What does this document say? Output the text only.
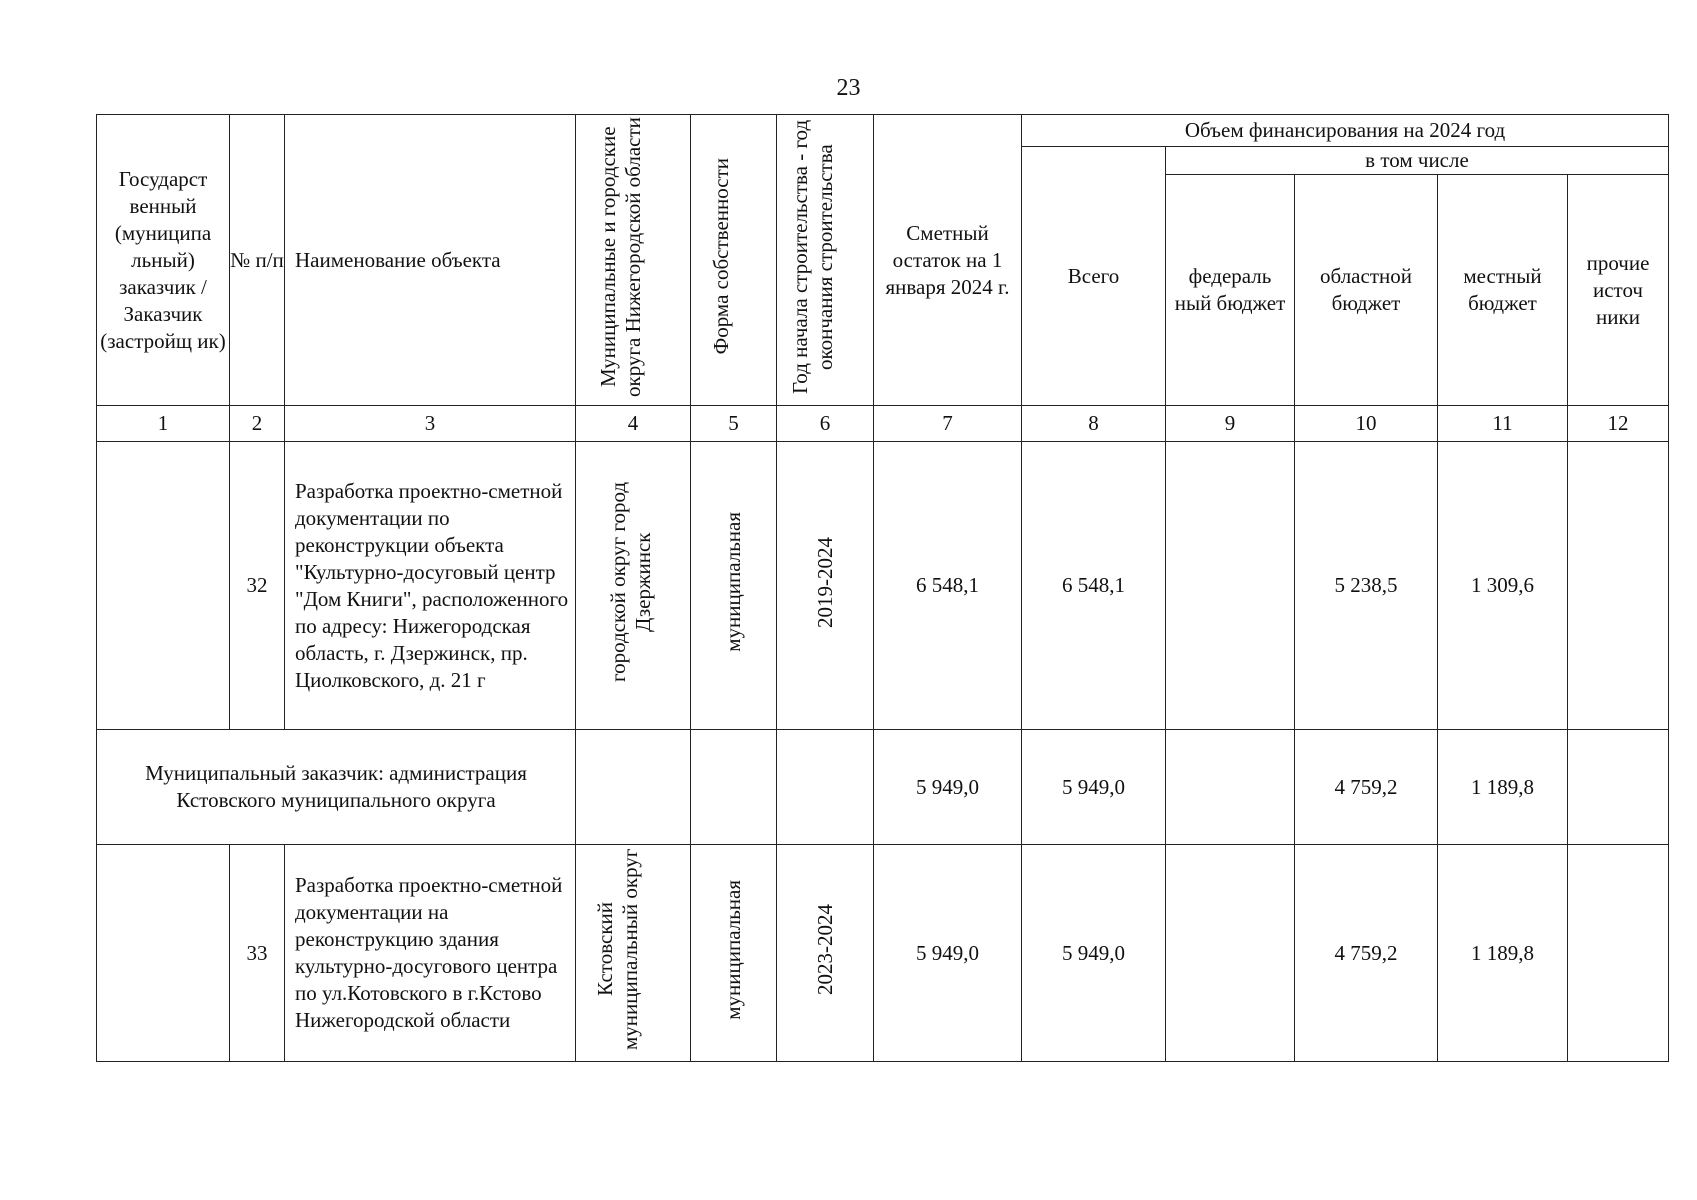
23
Государст венный (муниципа льный) заказчик / Заказчик (застройщ ик)	№ п/п	Наименование объекта	Муниципальные и городские округа Нижегородской области	Форма собственности	Год начала строительства - год окончания строительства	Сметный остаток на 1 января 2024 г.	Объем финансирования на 2024 год				
							Всего	в том числе			
								федераль ный бюджет	областной бюджет	местный бюджет	прочие источ ники
1	2	3	4	5	6	7	8	9	10	11	12
	32	Разработка проектно-сметной документации по реконструкции объекта "Культурно-досуговый центр "Дом Книги", расположенного по адресу: Нижегородская область, г. Дзержинск, пр. Циолковского, д. 21 г	городской округ город Дзержинск	муниципальная	2019-2024	6 548,1	6 548,1		5 238,5	1 309,6	
Муниципальный заказчик: администрация Кстовского муниципального округа						5 949,0	5 949,0		4 759,2	1 189,8	
	33	Разработка проектно-сметной документации на реконструкцию здания культурно-досугового центра по ул.Котовского в г.Кстово Нижегородской области	Кстовский муниципальный округ	муниципальная	2023-2024	5 949,0	5 949,0		4 759,2	1 189,8	
